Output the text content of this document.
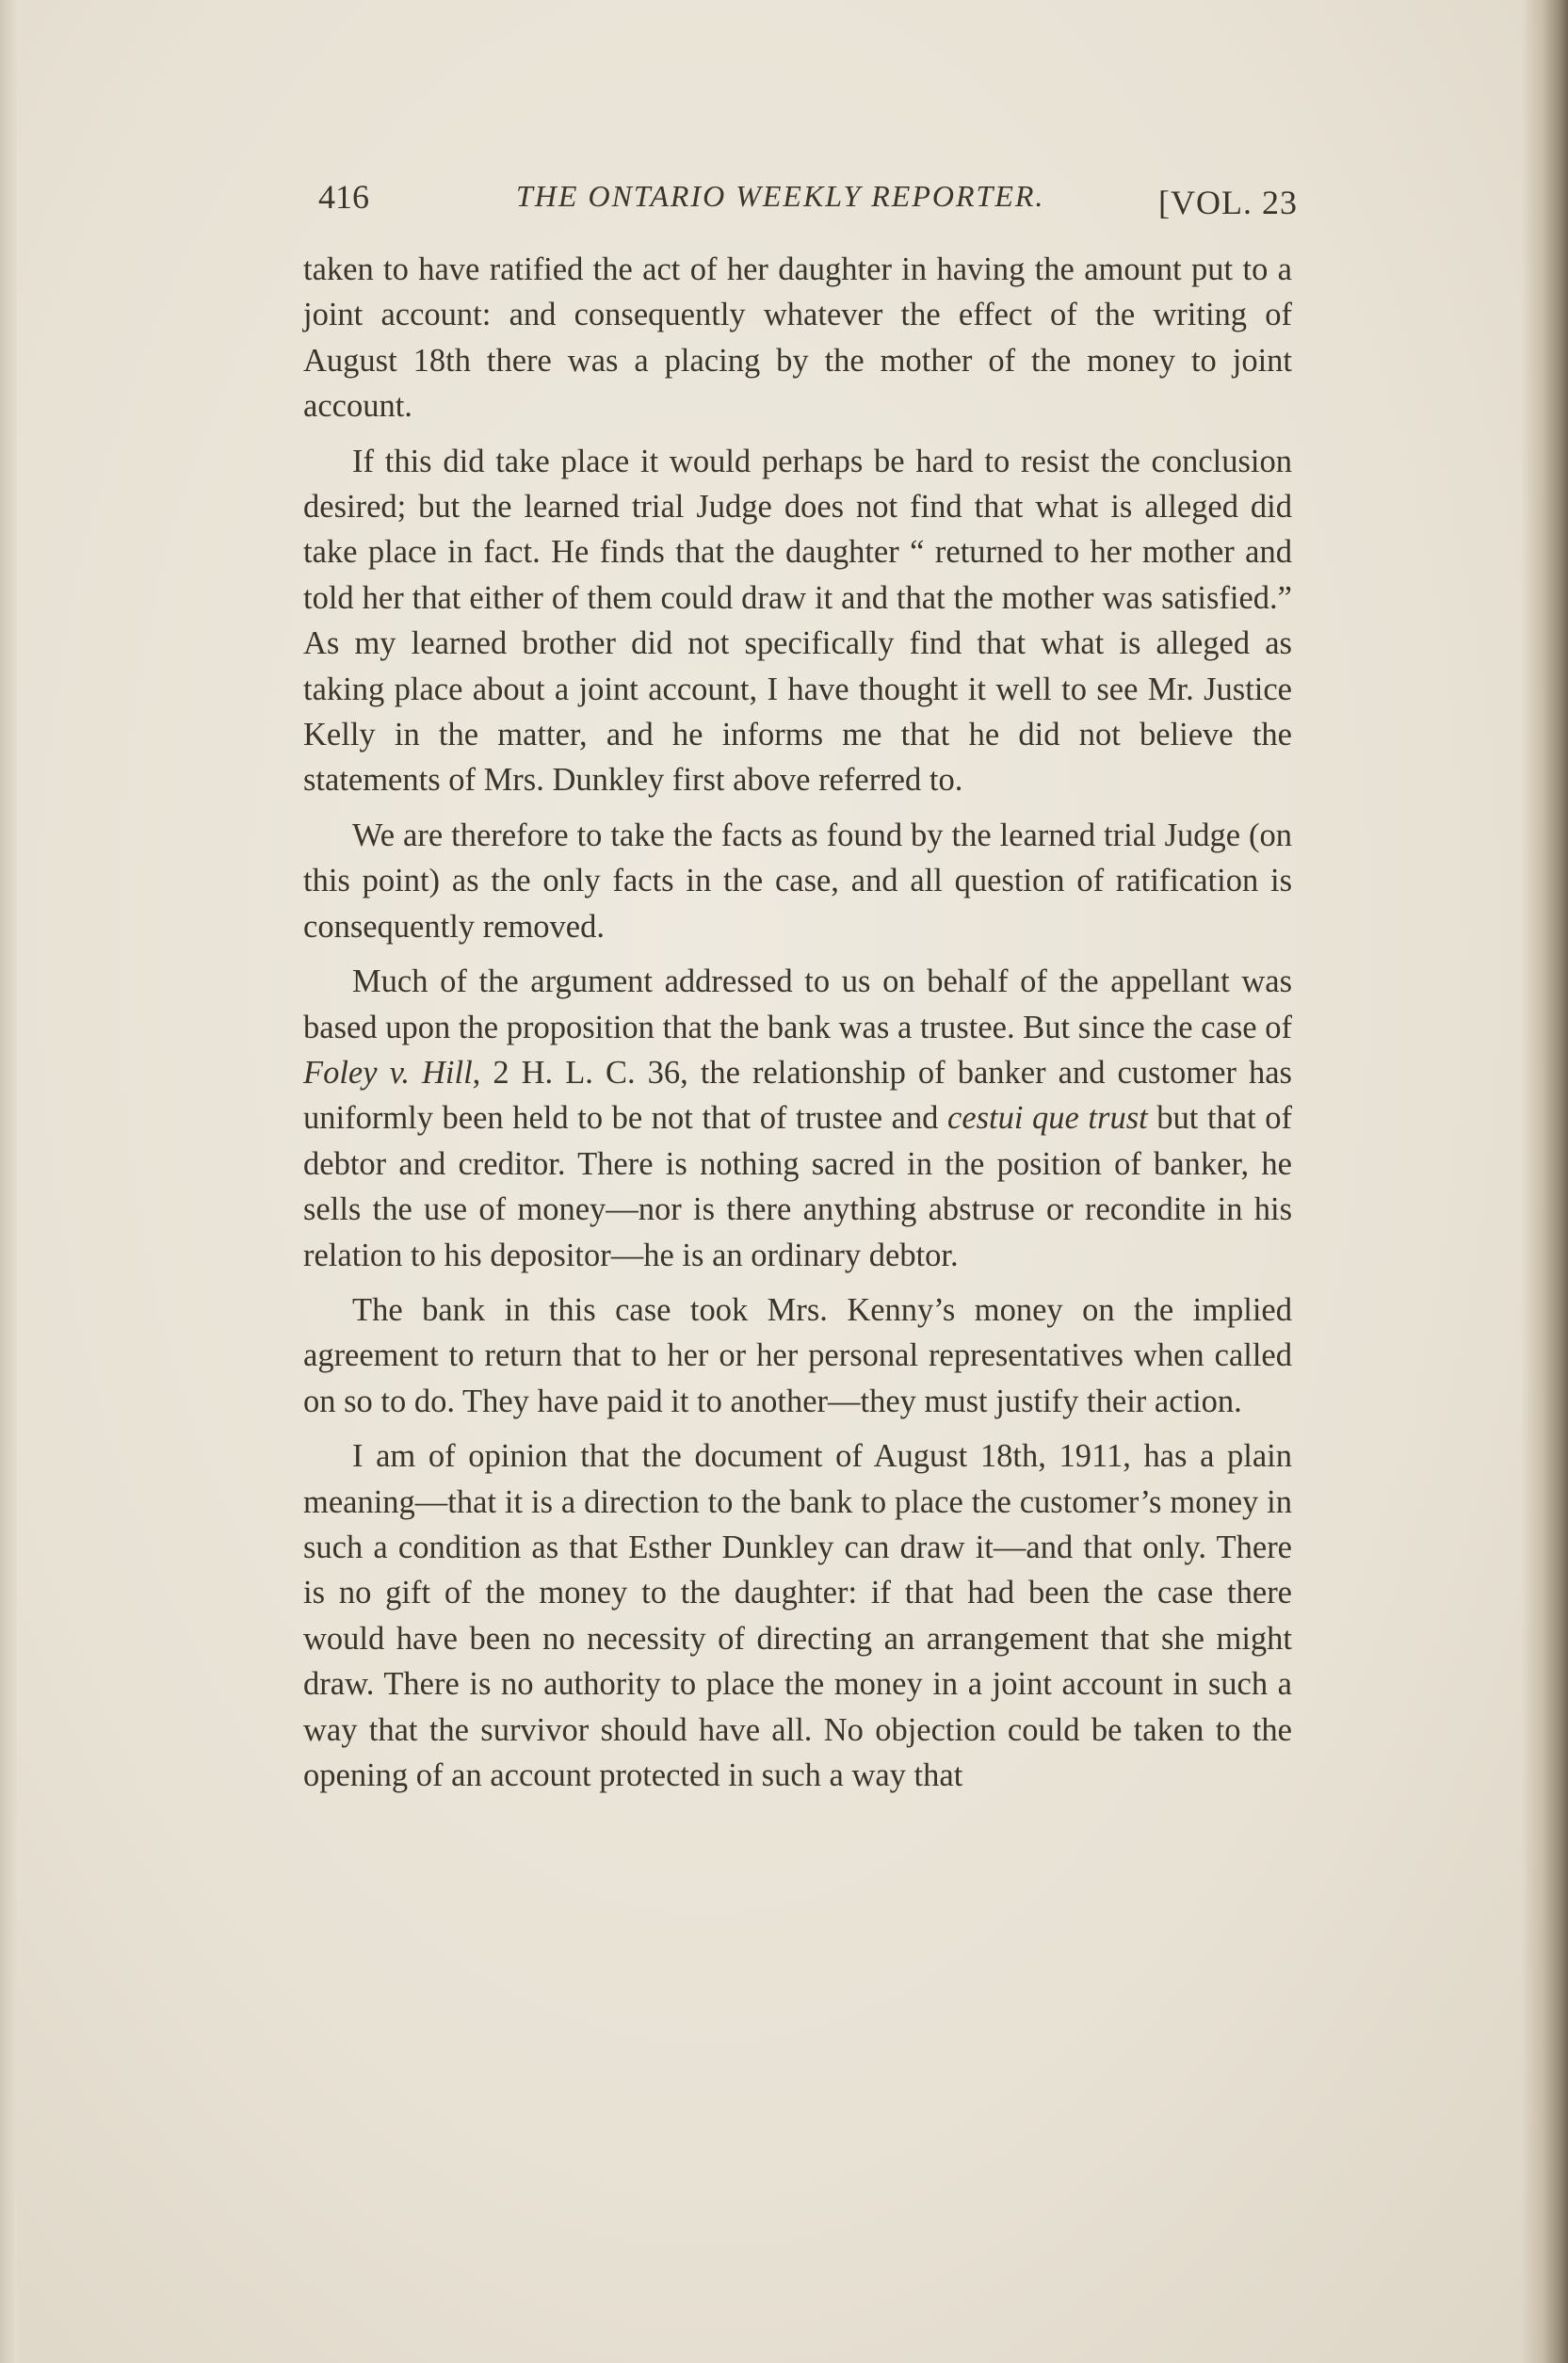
416	THE ONTARIO WEEKLY REPORTER.	[VOL. 23

taken to have ratified the act of her daughter in having the amount put to a joint account: and consequently whatever the effect of the writing of August 18th there was a placing by the mother of the money to joint account.

If this did take place it would perhaps be hard to resist the conclusion desired; but the learned trial Judge does not find that what is alleged did take place in fact. He finds that the daughter “ returned to her mother and told her that either of them could draw it and that the mother was satisfied.” As my learned brother did not specifically find that what is alleged as taking place about a joint account, I have thought it well to see Mr. Justice Kelly in the matter, and he informs me that he did not believe the statements of Mrs. Dunkley first above referred to.

We are therefore to take the facts as found by the learned trial Judge (on this point) as the only facts in the case, and all question of ratification is consequently removed.

Much of the argument addressed to us on behalf of the appellant was based upon the proposition that the bank was a trustee. But since the case of Foley v. Hill, 2 H. L. C. 36, the relationship of banker and customer has uniformly been held to be not that of trustee and cestui que trust but that of debtor and creditor. There is nothing sacred in the position of banker, he sells the use of money—nor is there anything abstruse or recondite in his relation to his depositor—he is an ordinary debtor.

The bank in this case took Mrs. Kenny’s money on the implied agreement to return that to her or her personal representatives when called on so to do. They have paid it to another—they must justify their action.

I am of opinion that the document of August 18th, 1911, has a plain meaning—that it is a direction to the bank to place the customer’s money in such a condition as that Esther Dunkley can draw it—and that only. There is no gift of the money to the daughter: if that had been the case there would have been no necessity of directing an arrangement that she might draw. There is no authority to place the money in a joint account in such a way that the survivor should have all. No objection could be taken to the opening of an account protected in such a way that
